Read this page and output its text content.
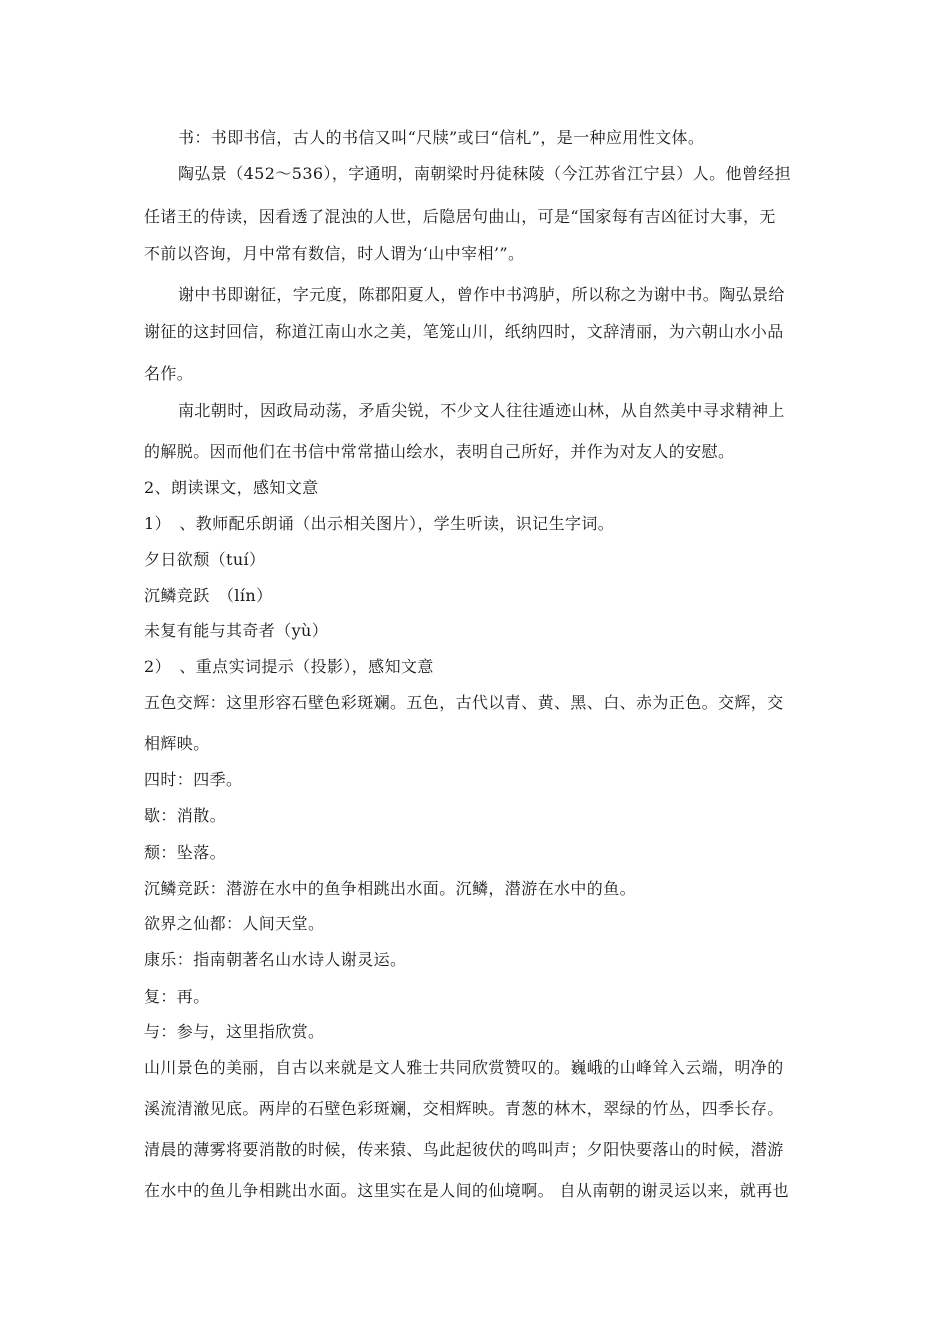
书：书即书信，古人的书信又叫“尺牍”或曰“信札”，是一种应用性文体。

陶弘景（452～536），字通明，南朝梁时丹徒秣陵（今江苏省江宁县）人。他曾经担

任诸王的侍读，因看透了混浊的人世，后隐居句曲山，可是“国家每有吉凶征讨大事，无

不前以咨询，月中常有数信，时人谓为‘山中宰相’”。

谢中书即谢征，字元度，陈郡阳夏人，曾作中书鸿胪，所以称之为谢中书。陶弘景给

谢征的这封回信，称道江南山水之美，笔笼山川，纸纳四时，文辞清丽，为六朝山水小品

名作。

南北朝时，因政局动荡，矛盾尖锐，不少文人往往遁迹山林，从自然美中寻求精神上

的解脱。因而他们在书信中常常描山绘水，表明自己所好，并作为对友人的安慰。

2、朗读课文，感知文意

1）　、教师配乐朗诵（出示相关图片），学生听读，识记生字词。

夕日欲颓（tuí）

沉鳞竞跃　（lín）

未复有能与其奇者（yù）

2）　、重点实词提示（投影），感知文意

五色交辉：这里形容石壁色彩斑斓。五色，古代以青、黄、黑、白、赤为正色。交辉，交

相辉映。

四时：四季。

歇：消散。

颓：坠落。

沉鳞竞跃：潜游在水中的鱼争相跳出水面。沉鳞，潜游在水中的鱼。

欲界之仙都：人间天堂。

康乐：指南朝著名山水诗人谢灵运。

复：再。

与：参与，这里指欣赏。

山川景色的美丽，自古以来就是文人雅士共同欣赏赞叹的。巍峨的山峰耸入云端，明净的

溪流清澈见底。两岸的石壁色彩斑斓，交相辉映。青葱的林木，翠绿的竹丛，四季长存。

清晨的薄雾将要消散的时候，传来猿、鸟此起彼伏的鸣叫声；夕阳快要落山的时候，潜游

在水中的鱼儿争相跳出水面。这里实在是人间的仙境啊。 自从南朝的谢灵运以来，就再也
